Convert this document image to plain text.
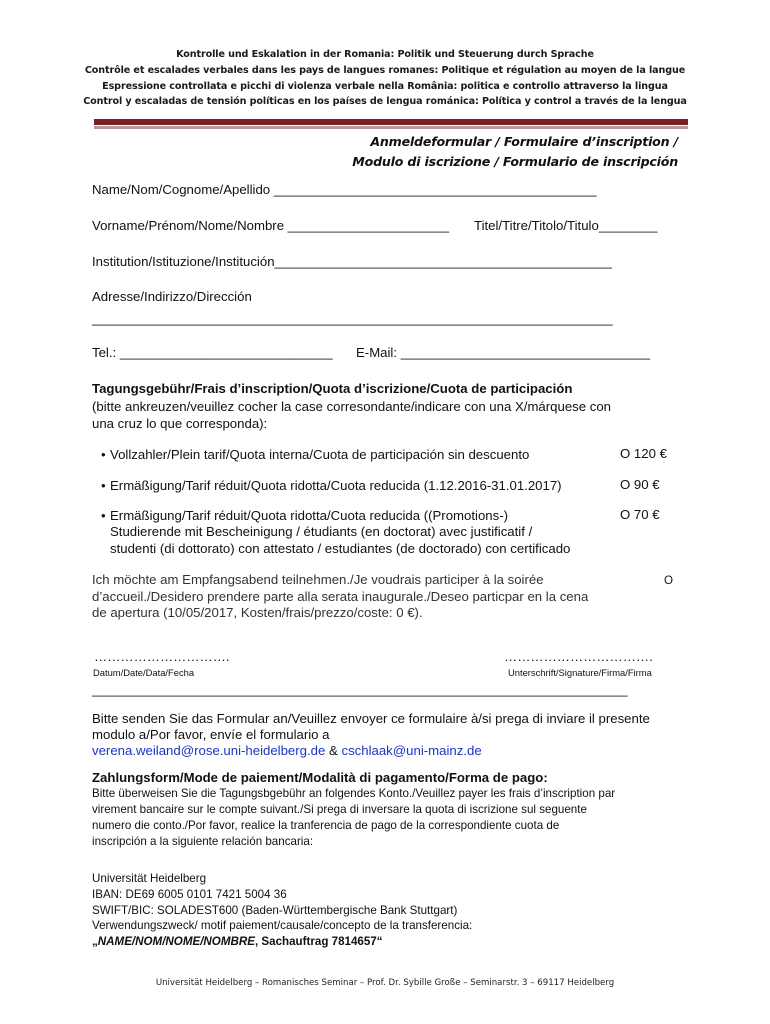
Kontrolle und Eskalation in der Romania: Politik und Steuerung durch Sprache
Contrôle et escalades verbales dans les pays de langues romanes: Politique et régulation au moyen de la langue
Espressione controllata e picchi di violenza verbale nella România: politica e controllo attraverso la lingua
Control y escaladas de tensión políticas en los países de lengua románica: Política y control a través de la lengua
Anmeldeformular / Formulaire d’inscription /
Modulo di iscrizione / Formulario de inscripción
Name/Nom/Cognome/Apellido ____________________________________________
Vorname/Prénom/Nome/Nombre ______________________ Titel/Titre/Titolo/Titulo________
Institution/Istituzione/Institución______________________________________________
Adresse/Indirizzo/Dirección
_______________________________________________________________________
Tel.: _____________________________ E-Mail: __________________________________
Tagungsgebühr/Frais d’inscription/Quota d’iscrizione/Cuota de participación
(bitte ankreuzen/veuillez cocher la case corresondante/indicare con una X/márquese con
una cruz lo que corresponda):
• Vollzahler/Plein tarif/Quota interna/Cuota de participación sin descuento	O 120 €
• Ermäßigung/Tarif réduit/Quota ridotta/Cuota reducida (1.12.2016-31.01.2017)	O 90 €
• Ermäßigung/Tarif réduit/Quota ridotta/Cuota reducida ((Promotions-)
Studierende mit Bescheinigung / étudiants (en doctorat) avec justificatif /
studenti (di dottorato) con attestato / estudiantes (de doctorado) con certificado
O 70 €
Ich möchte am Empfangsabend teilnehmen./Je voudrais participer à la soirée
d’accueil./Desidero prendere parte alla serata inaugurale./Deseo particpar en la cena
de apertura (10/05/2017, Kosten/frais/prezzo/coste: 0 €).
O
………………………….	…………………………….
Datum/Date/Data/Fecha	Unterschrift/Signature/Firma/Firma
_________________________________________________________________________
Bitte senden Sie das Formular an/Veuillez envoyer ce formulaire à/si prega di inviare il presente
modulo a/Por favor, envíe el formulario a
verena.weiland@rose.uni-heidelberg.de & cschlaak@uni-mainz.de
Zahlungsform/Mode de paiement/Modalità di pagamento/Forma de pago:
Bitte überweisen Sie die Tagungsbgebühr an folgendes Konto./Veuillez payer les frais d’inscription par
virement bancaire sur le compte suivant./Si prega di inversare la quota di iscrizione sul seguente
numero die conto./Por favor, realice la tranferencia de pago de la correspondiente cuota de
inscripción a la siguiente relación bancaria:
Universität Heidelberg
IBAN: DE69 6005 0101 7421 5004 36
SWIFT/BIC: SOLADEST600 (Baden-Württembergische Bank Stuttgart)
Verwendungszweck/ motif paiement/causale/concepto de la transferencia:
„NAME/NOM/NOME/NOMBRE, Sachauftrag 7814657“
Universität Heidelberg – Romanisches Seminar – Prof. Dr. Sybille Große – Seminarstr. 3 – 69117 Heidelberg
